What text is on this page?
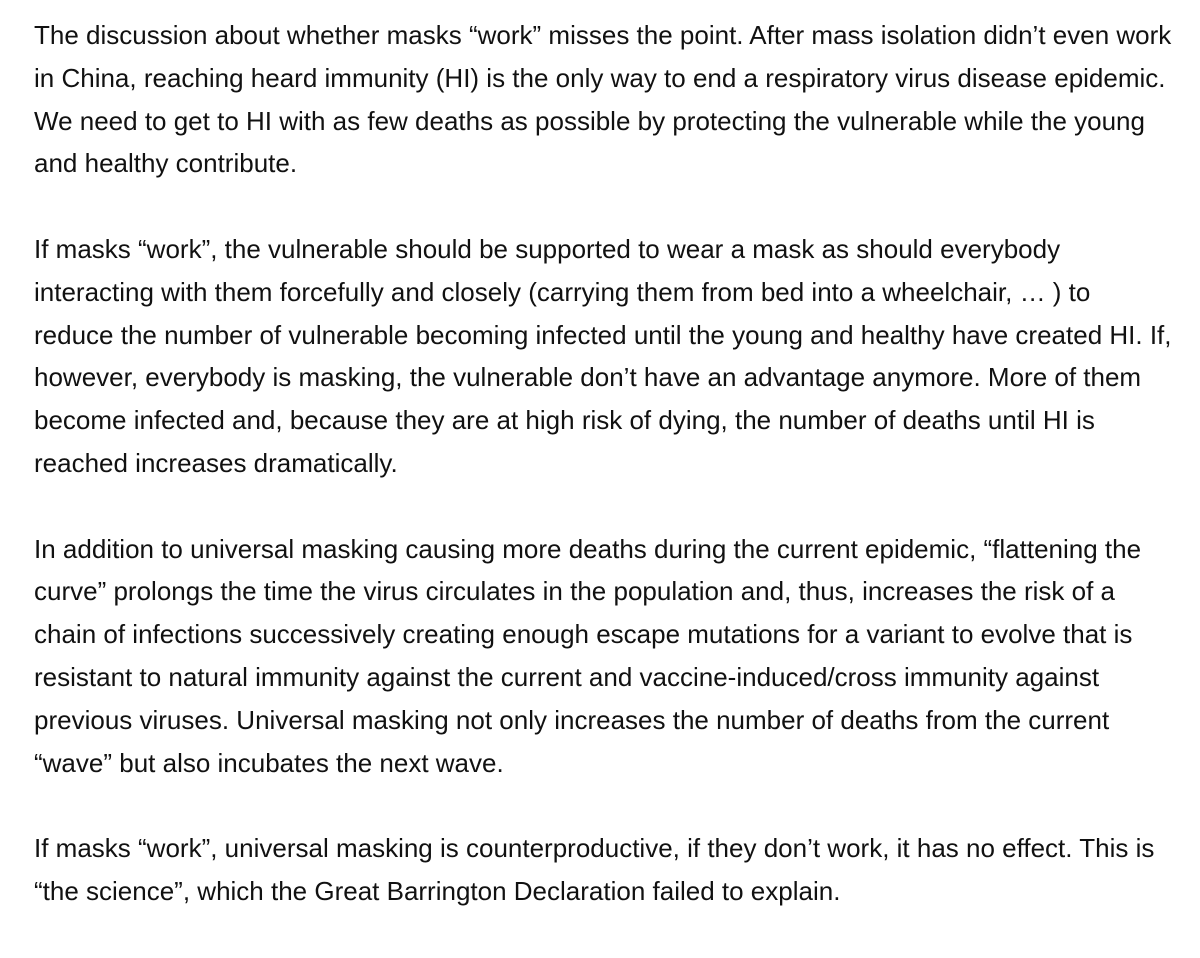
The discussion about whether masks “work” misses the point. After mass isolation didn’t even work in China, reaching heard immunity (HI) is the only way to end a respiratory virus disease epidemic. We need to get to HI with as few deaths as possible by protecting the vulnerable while the young and healthy contribute.

If masks “work”, the vulnerable should be supported to wear a mask as should everybody interacting with them forcefully and closely (carrying them from bed into a wheelchair, … ) to reduce the number of vulnerable becoming infected until the young and healthy have created HI. If, however, everybody is masking, the vulnerable don’t have an advantage anymore. More of them become infected and, because they are at high risk of dying, the number of deaths until HI is reached increases dramatically.

In addition to universal masking causing more deaths during the current epidemic, “flattening the curve” prolongs the time the virus circulates in the population and, thus, increases the risk of a chain of infections successively creating enough escape mutations for a variant to evolve that is resistant to natural immunity against the current and vaccine-induced/cross immunity against previous viruses. Universal masking not only increases the number of deaths from the current “wave” but also incubates the next wave.

If masks “work”, universal masking is counterproductive, if they don’t work, it has no effect. This is “the science”, which the Great Barrington Declaration failed to explain.
